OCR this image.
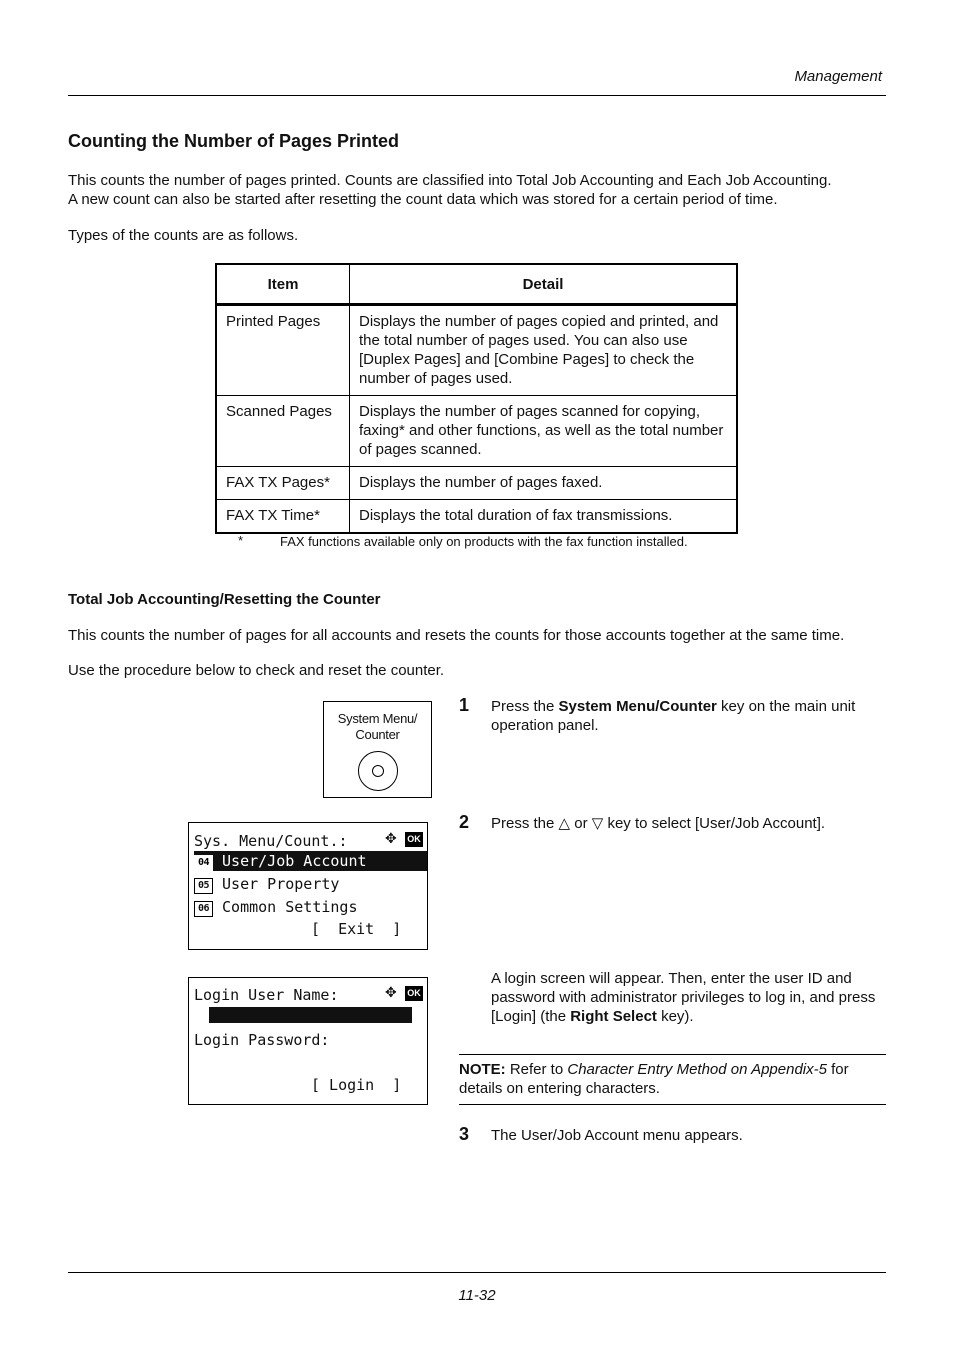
Management
Counting the Number of Pages Printed

This counts the number of pages printed. Counts are classified into Total Job Accounting and Each Job Accounting.

A new count can also be started after resetting the count data which was stored for a certain period of time.

Types of the counts are as follows.
Item	Detail
Printed Pages	Displays the number of pages copied and printed, and the total number of pages used. You can also use [Duplex Pages] and [Combine Pages] to check the number of pages used.
Scanned Pages	Displays the number of pages scanned for copying, faxing* and other functions, as well as the total number of pages scanned.
FAX TX Pages*	Displays the number of pages faxed.
FAX TX Time*	Displays the total duration of fax transmissions.
*	FAX functions available only on products with the fax function installed.
Total Job Accounting/Resetting the Counter
This counts the number of pages for all accounts and resets the counts for those accounts together at the same time.
Use the procedure below to check and reset the counter.
System Menu/
Counter
Sys. Menu/Count.:	✥ OK
04 User/Job Account
05 User Property
06 Common Settings
[  Exit  ]
Login User Name:	✥ OK
Login Password:
[ Login  ]
1 Press the System Menu/Counter key on the main unit operation panel.
2 Press the △ or ▽ key to select [User/Job Account].
A login screen will appear. Then, enter the user ID and password with administrator privileges to log in, and press [Login] (the Right Select key).
NOTE: Refer to Character Entry Method on Appendix-5 for details on entering characters.
3 The User/Job Account menu appears.
11-32
